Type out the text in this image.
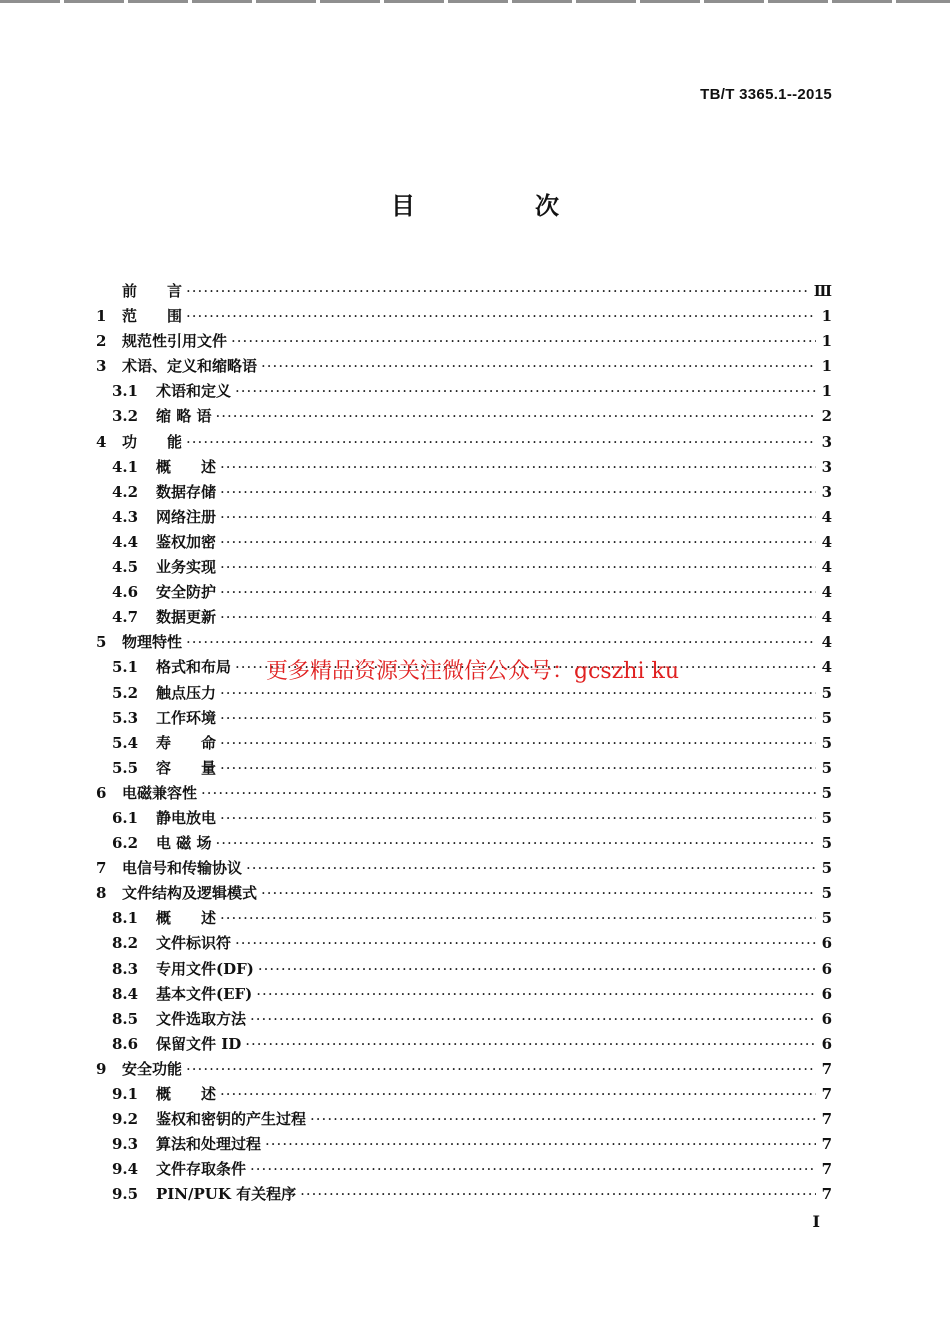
TB/T 3365.1--2015
目　次
前　　言 ·····	Ⅲ
1	范　　围 ·····	1
2	规范性引用文件 ·····	1
3	术语、定义和缩略语 ·····	1
3.1	术语和定义 ·····	1
3.2	缩 略 语 ·····	2
4	功　　能 ·····	3
4.1	概　　述 ·····	3
4.2	数据存储 ·····	3
4.3	网络注册 ·····	4
4.4	鉴权加密 ·····	4
4.5	业务实现 ·····	4
4.6	安全防护 ·····	4
4.7	数据更新 ·····	4
5	物理特性 ·····	4
5.1	格式和布局 ·····	4
5.2	触点压力 ·····	5
5.3	工作环境 ·····	5
5.4	寿　　命 ·····	5
5.5	容　　量 ·····	5
6	电磁兼容性 ·····	5
6.1	静电放电 ·····	5
6.2	电 磁 场 ·····	5
7	电信号和传输协议 ·····	5
8	文件结构及逻辑模式 ·····	5
8.1	概　　述 ·····	5
8.2	文件标识符 ·····	6
8.3	专用文件(DF) ·····	6
8.4	基本文件(EF) ·····	6
8.5	文件选取方法 ·····	6
8.6	保留文件 ID ·····	6
9	安全功能 ·····	7
9.1	概　　述 ·····	7
9.2	鉴权和密钥的产生过程 ·····	7
9.3	算法和处理过程 ·····	7
9.4	文件存取条件 ·····	7
9.5	PIN/PUK 有关程序 ·····	7
更多精品资源关注微信公众号：gcszhi ku
Ⅰ
